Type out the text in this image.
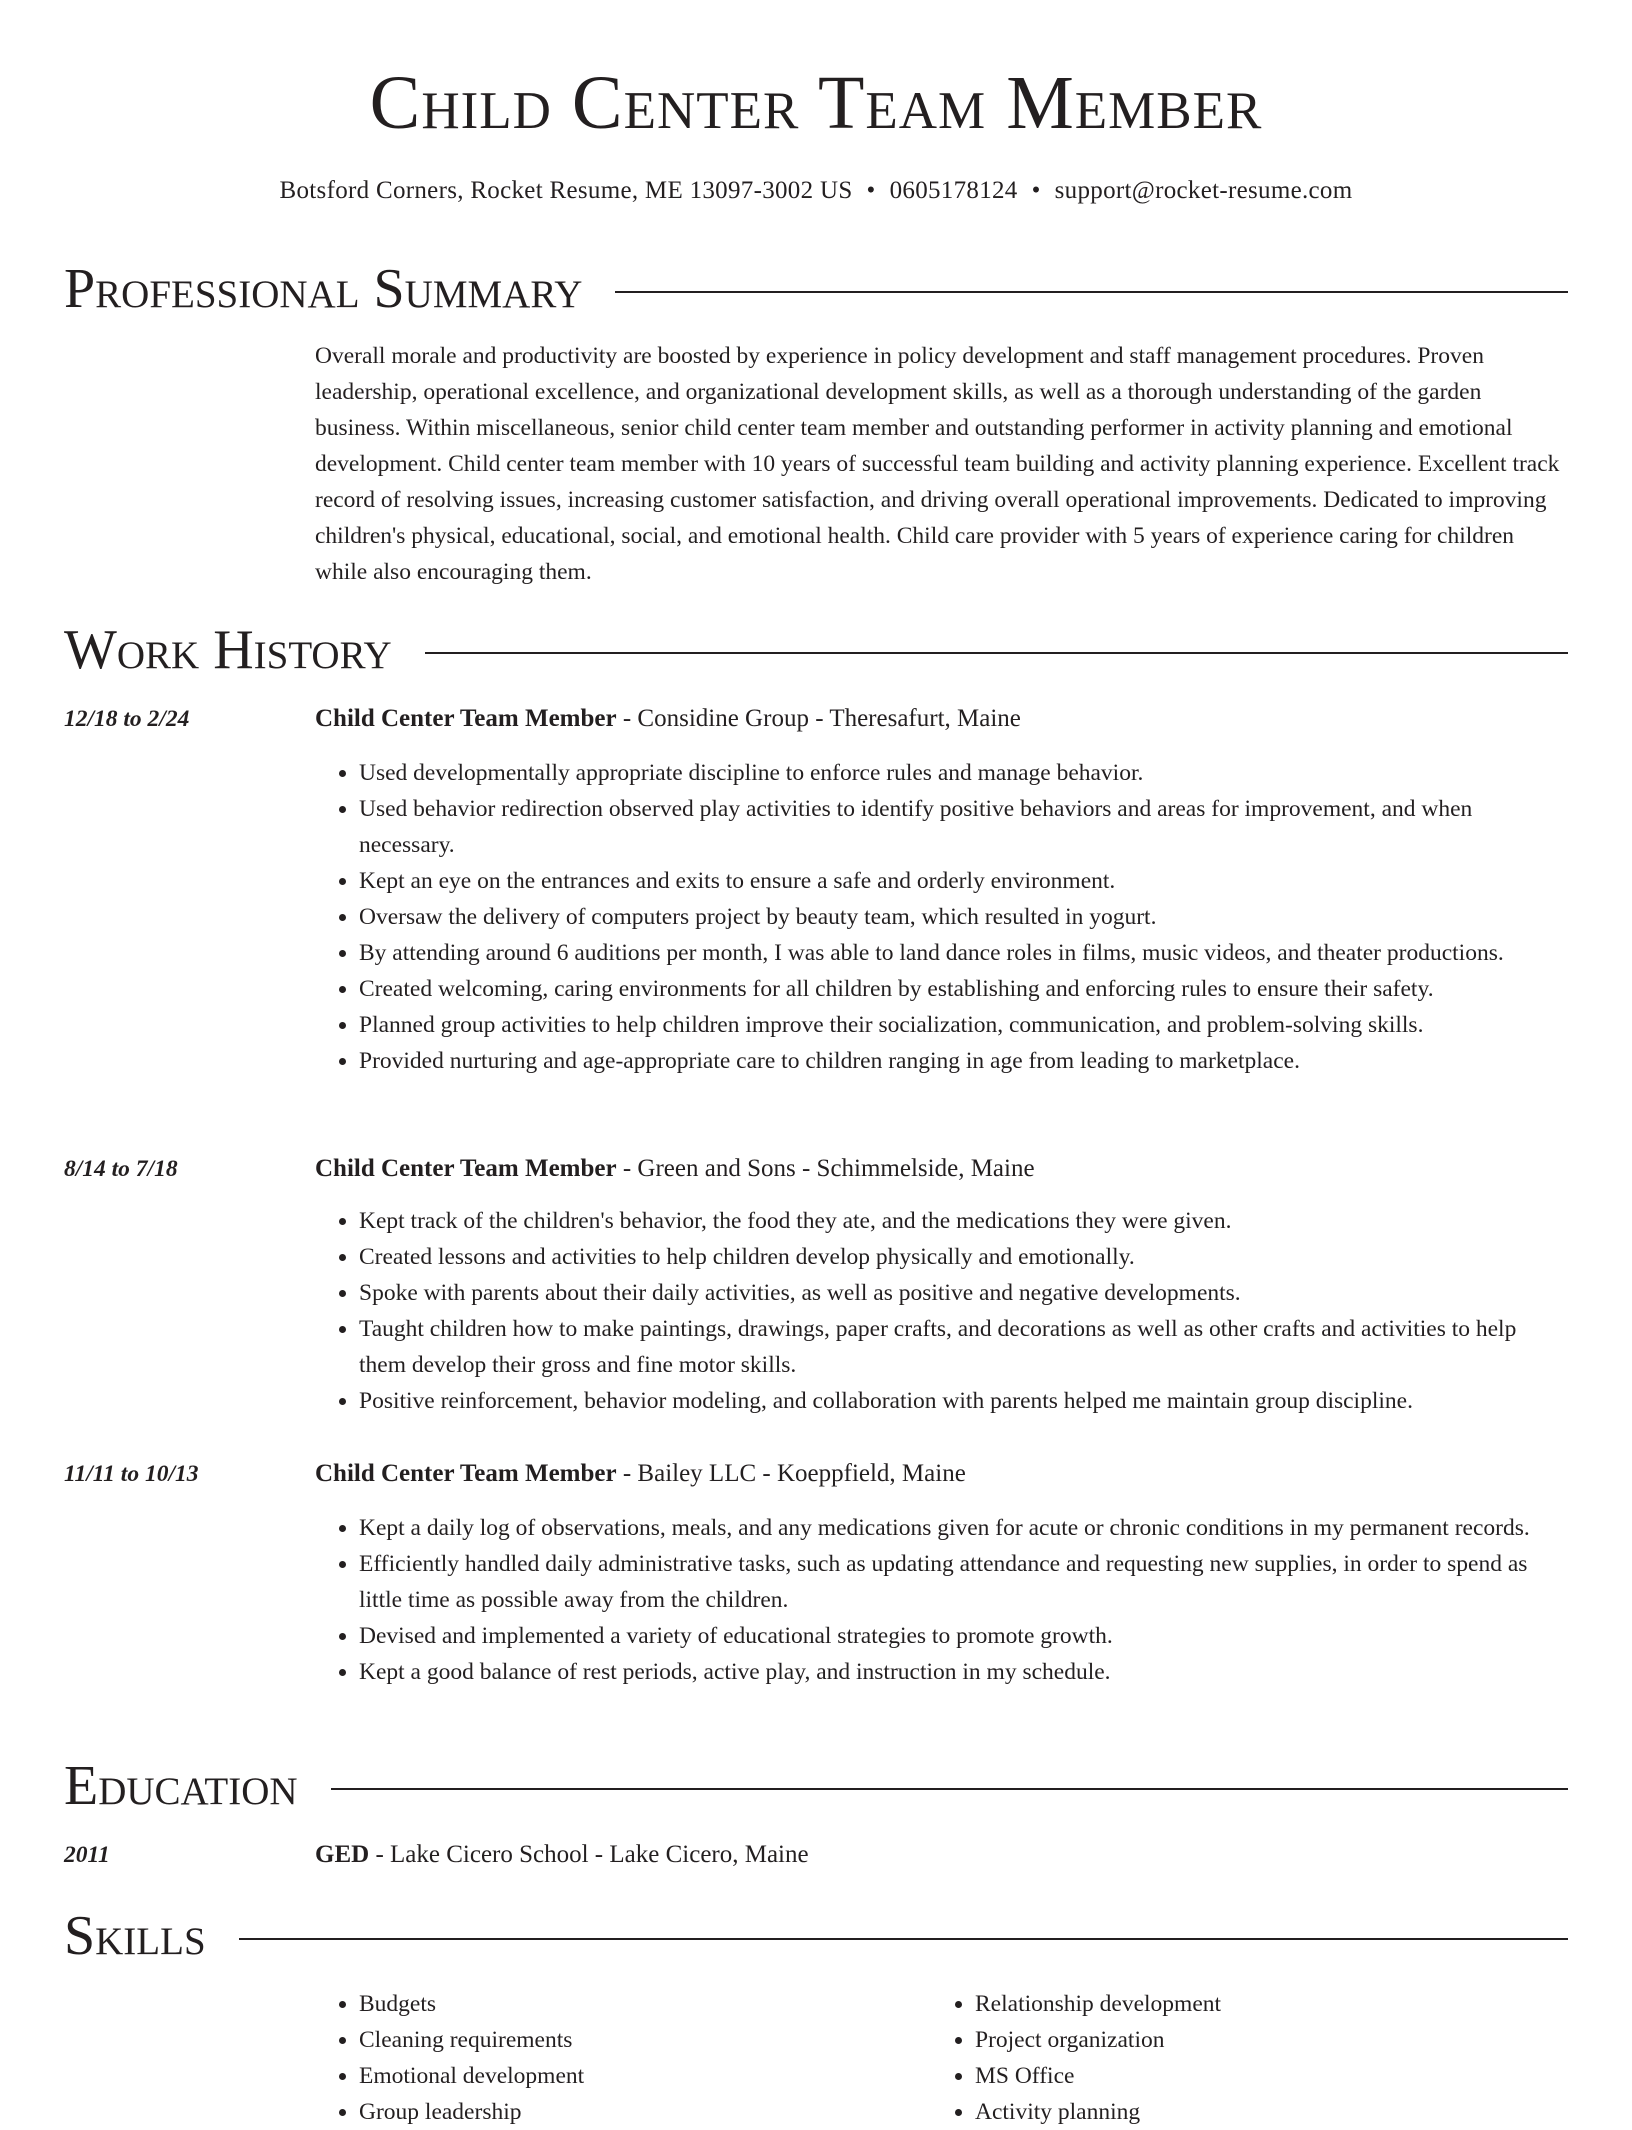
Child Center Team Member
Botsford Corners, Rocket Resume, ME 13097-3002 US • 0605178124 • support@rocket-resume.com
Professional Summary
Overall morale and productivity are boosted by experience in policy development and staff management procedures. Proven leadership, operational excellence, and organizational development skills, as well as a thorough understanding of the garden business. Within miscellaneous, senior child center team member and outstanding performer in activity planning and emotional development. Child center team member with 10 years of successful team building and activity planning experience. Excellent track record of resolving issues, increasing customer satisfaction, and driving overall operational improvements. Dedicated to improving children's physical, educational, social, and emotional health. Child care provider with 5 years of experience caring for children while also encouraging them.
Work History
12/18 to 2/24	Child Center Team Member - Considine Group - Theresafurt, Maine
• Used developmentally appropriate discipline to enforce rules and manage behavior.
• Used behavior redirection observed play activities to identify positive behaviors and areas for improvement, and when necessary.
• Kept an eye on the entrances and exits to ensure a safe and orderly environment.
• Oversaw the delivery of computers project by beauty team, which resulted in yogurt.
• By attending around 6 auditions per month, I was able to land dance roles in films, music videos, and theater productions.
• Created welcoming, caring environments for all children by establishing and enforcing rules to ensure their safety.
• Planned group activities to help children improve their socialization, communication, and problem-solving skills.
• Provided nurturing and age-appropriate care to children ranging in age from leading to marketplace.
8/14 to 7/18	Child Center Team Member - Green and Sons - Schimmelside, Maine
• Kept track of the children's behavior, the food they ate, and the medications they were given.
• Created lessons and activities to help children develop physically and emotionally.
• Spoke with parents about their daily activities, as well as positive and negative developments.
• Taught children how to make paintings, drawings, paper crafts, and decorations as well as other crafts and activities to help them develop their gross and fine motor skills.
• Positive reinforcement, behavior modeling, and collaboration with parents helped me maintain group discipline.
11/11 to 10/13	Child Center Team Member - Bailey LLC - Koeppfield, Maine
• Kept a daily log of observations, meals, and any medications given for acute or chronic conditions in my permanent records.
• Efficiently handled daily administrative tasks, such as updating attendance and requesting new supplies, in order to spend as little time as possible away from the children.
• Devised and implemented a variety of educational strategies to promote growth.
• Kept a good balance of rest periods, active play, and instruction in my schedule.
Education
2011	GED - Lake Cicero School - Lake Cicero, Maine
Skills
• Budgets
• Cleaning requirements
• Emotional development
• Group leadership
• Relationship development
• Project organization
• MS Office
• Activity planning
